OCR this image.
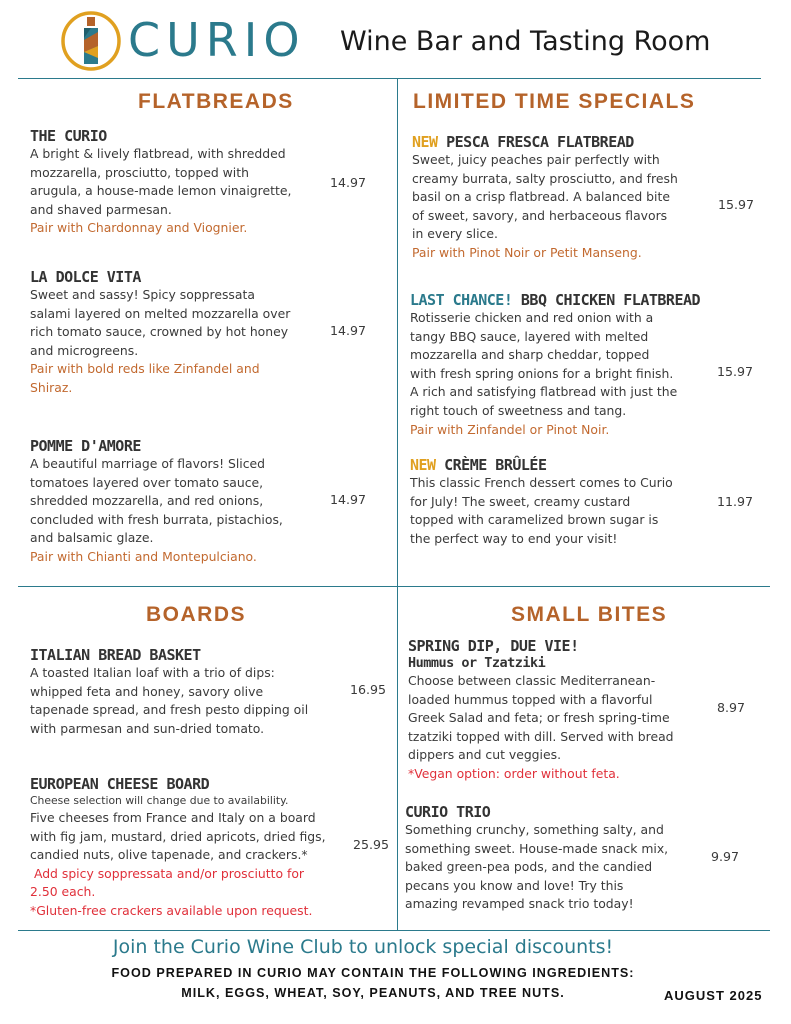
CURIO Wine Bar and Tasting Room
FLATBREADS
THE CURIO
A bright & lively flatbread, with shredded
mozzarella, prosciutto, topped with
arugula, a house-made lemon vinaigrette,
and shaved parmesan.
Pair with Chardonnay and Viognier.
14.97
LA DOLCE VITA
Sweet and sassy! Spicy soppressata
salami layered on melted mozzarella over
rich tomato sauce, crowned by hot honey
and microgreens.
Pair with bold reds like Zinfandel and
Shiraz.
14.97
POMME D'AMORE
A beautiful marriage of flavors! Sliced
tomatoes layered over tomato sauce,
shredded mozzarella, and red onions,
concluded with fresh burrata, pistachios,
and balsamic glaze.
Pair with Chianti and Montepulciano.
14.97
LIMITED TIME SPECIALS
NEW PESCA FRESCA FLATBREAD
Sweet, juicy peaches pair perfectly with
creamy burrata, salty prosciutto, and fresh
basil on a crisp flatbread. A balanced bite
of sweet, savory, and herbaceous flavors
in every slice.
Pair with Pinot Noir or Petit Manseng.
15.97
LAST CHANCE! BBQ CHICKEN FLATBREAD
Rotisserie chicken and red onion with a
tangy BBQ sauce, layered with melted
mozzarella and sharp cheddar, topped
with fresh spring onions for a bright finish.
A rich and satisfying flatbread with just the
right touch of sweetness and tang.
Pair with Zinfandel or Pinot Noir.
15.97
NEW CRÈME BRÛLÉE
This classic French dessert comes to Curio
for July! The sweet, creamy custard
topped with caramelized brown sugar is
the perfect way to end your visit!
11.97
BOARDS
ITALIAN BREAD BASKET
A toasted Italian loaf with a trio of dips:
whipped feta and honey, savory olive
tapenade spread, and fresh pesto dipping oil
with parmesan and sun-dried tomato.
16.95
EUROPEAN CHEESE BOARD
Cheese selection will change due to availability.
Five cheeses from France and Italy on a board
with fig jam, mustard, dried apricots, dried figs,
candied nuts, olive tapenade, and crackers.*
Add spicy soppressata and/or prosciutto for
2.50 each.
*Gluten-free crackers available upon request.
25.95
SMALL BITES
SPRING DIP, DUE VIE!
Hummus or Tzatziki
Choose between classic Mediterranean-
loaded hummus topped with a flavorful
Greek Salad and feta; or fresh spring-time
tzatziki topped with dill. Served with bread
dippers and cut veggies.
*Vegan option: order without feta.
8.97
CURIO TRIO
Something crunchy, something salty, and
something sweet. House-made snack mix,
baked green-pea pods, and the candied
pecans you know and love! Try this
amazing revamped snack trio today!
9.97
Join the Curio Wine Club to unlock special discounts!
FOOD PREPARED IN CURIO MAY CONTAIN THE FOLLOWING INGREDIENTS:
MILK, EGGS, WHEAT, SOY, PEANUTS, AND TREE NUTS.	AUGUST 2025
